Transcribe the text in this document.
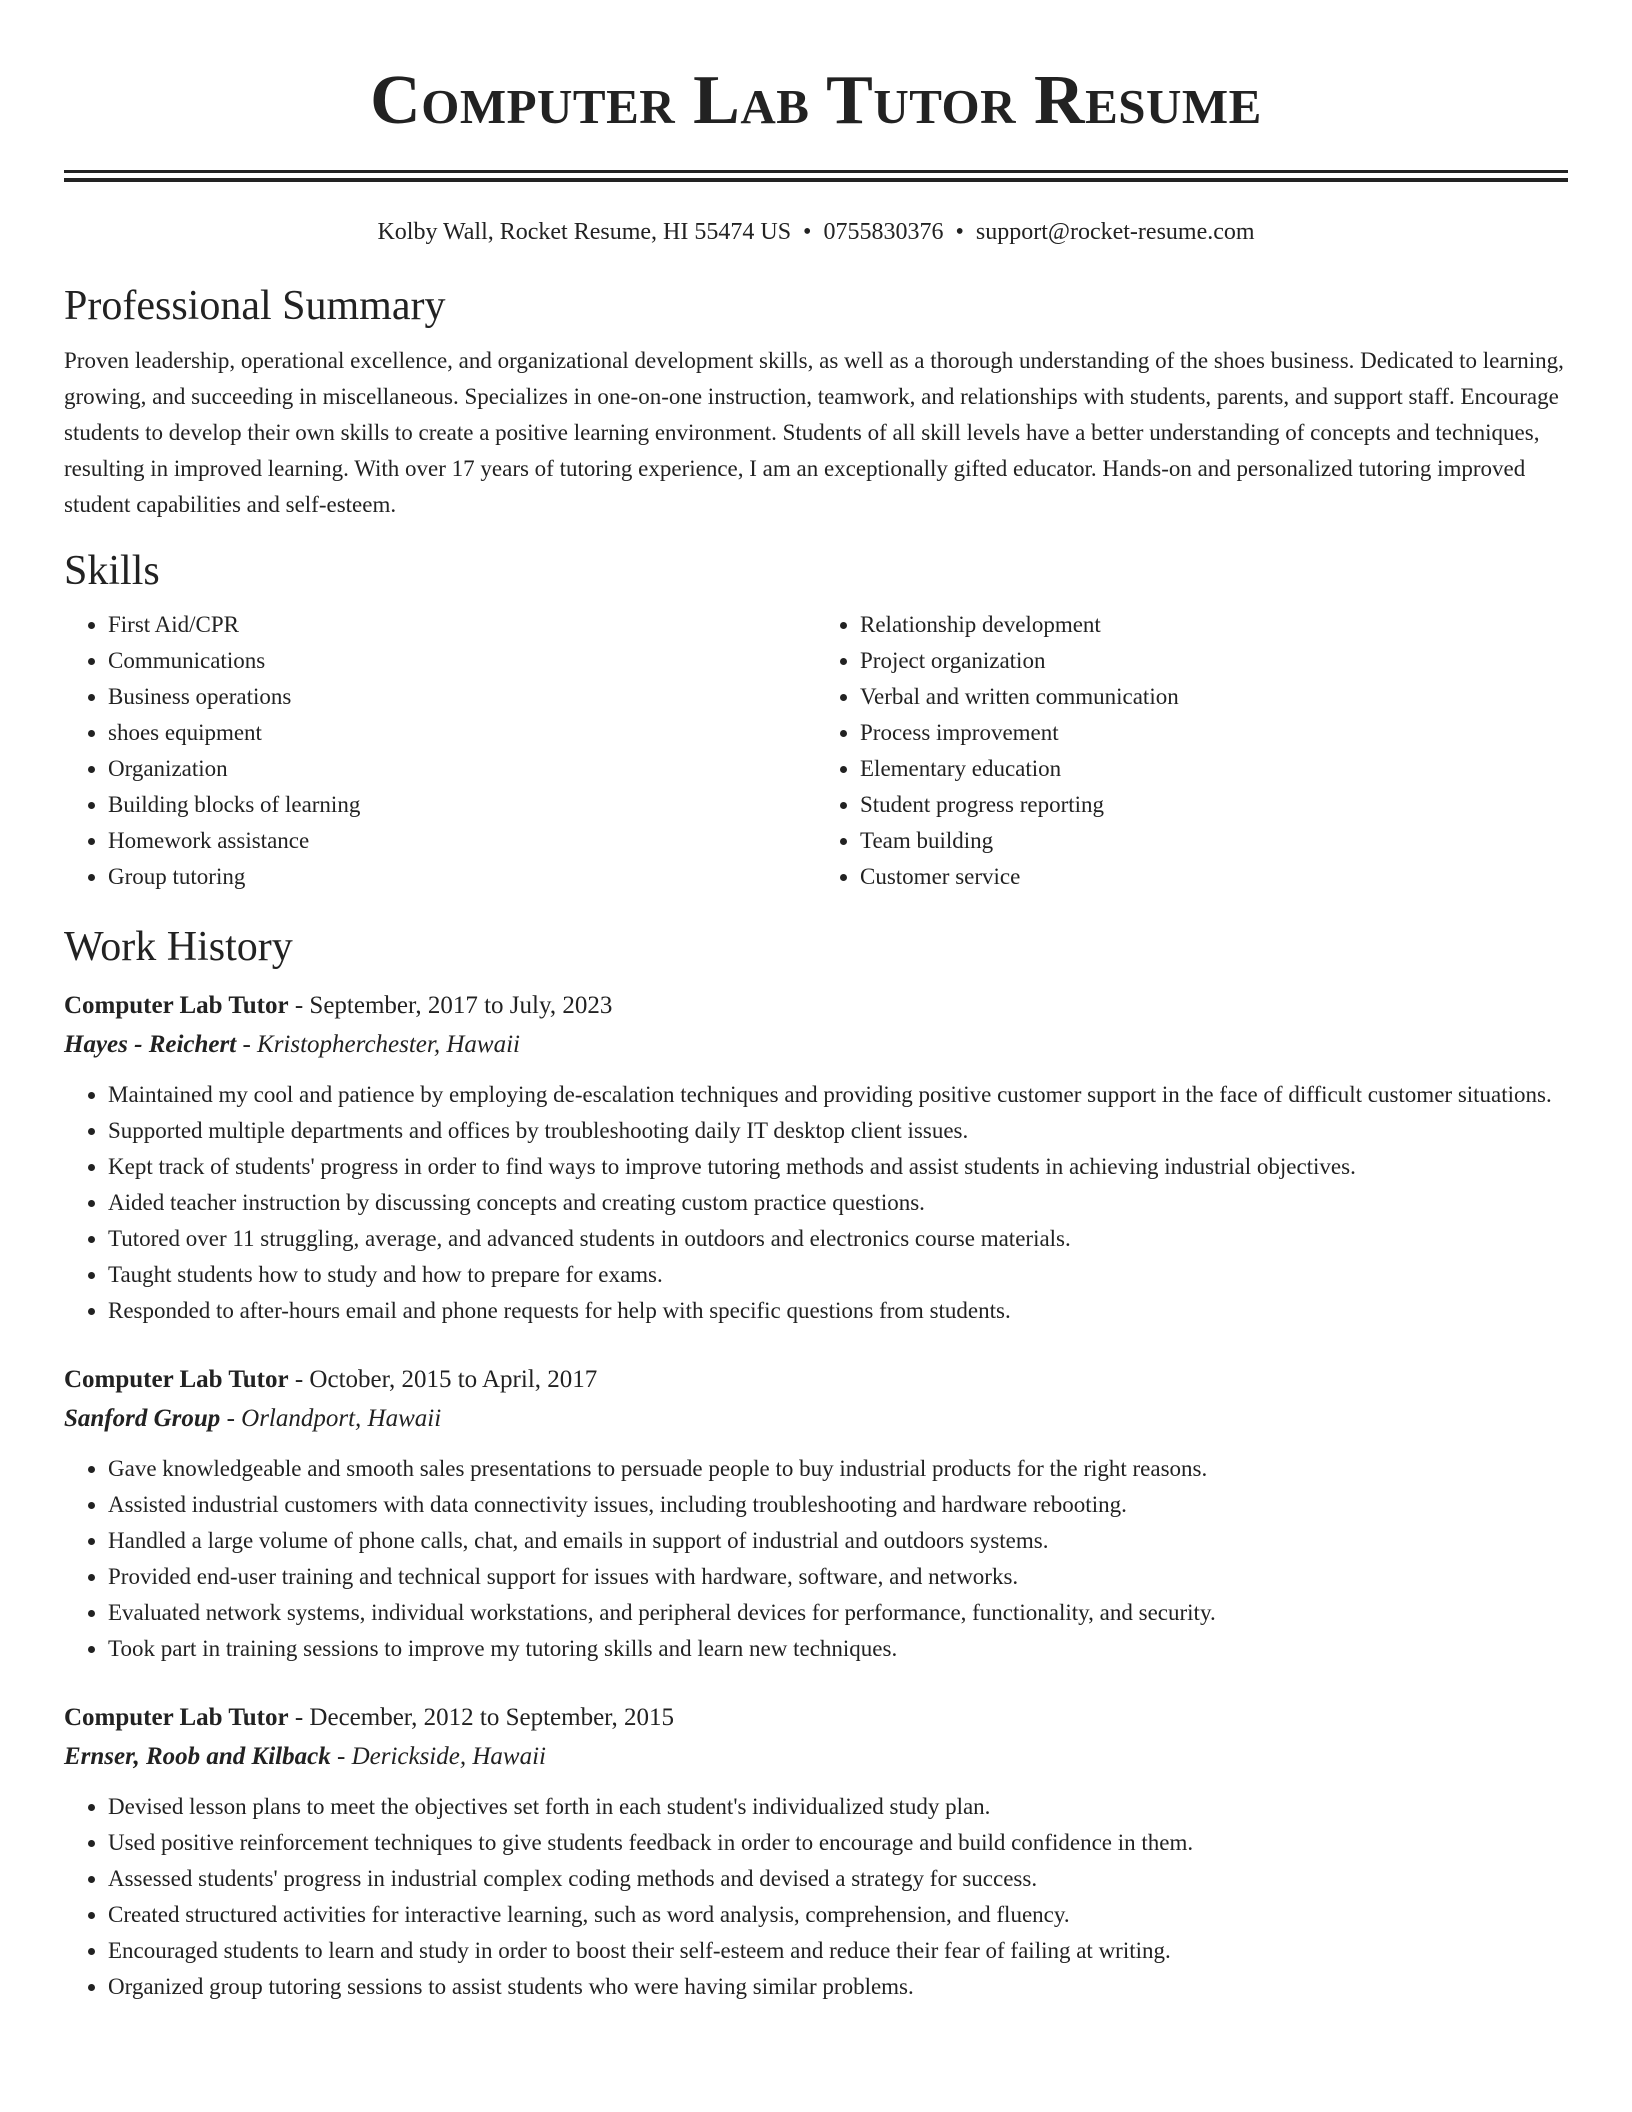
Computer Lab Tutor Resume
Kolby Wall, Rocket Resume, HI 55474 US • 0755830376 • support@rocket-resume.com
Professional Summary

Proven leadership, operational excellence, and organizational development skills, as well as a thorough understanding of the shoes business. Dedicated to learning, growing, and succeeding in miscellaneous. Specializes in one-on-one instruction, teamwork, and relationships with students, parents, and support staff. Encourage students to develop their own skills to create a positive learning environment. Students of all skill levels have a better understanding of concepts and techniques, resulting in improved learning. With over 17 years of tutoring experience, I am an exceptionally gifted educator. Hands-on and personalized tutoring improved student capabilities and self-esteem.

Skills
• First Aid/CPR
• Communications
• Business operations
• shoes equipment
• Organization
• Building blocks of learning
• Homework assistance
• Group tutoring
• Relationship development
• Project organization
• Verbal and written communication
• Process improvement
• Elementary education
• Student progress reporting
• Team building
• Customer service
Work History
Computer Lab Tutor - September, 2017 to July, 2023
Hayes - Reichert - Kristopherchester, Hawaii
• Maintained my cool and patience by employing de-escalation techniques and providing positive customer support in the face of difficult customer situations.
• Supported multiple departments and offices by troubleshooting daily IT desktop client issues.
• Kept track of students' progress in order to find ways to improve tutoring methods and assist students in achieving industrial objectives.
• Aided teacher instruction by discussing concepts and creating custom practice questions.
• Tutored over 11 struggling, average, and advanced students in outdoors and electronics course materials.
• Taught students how to study and how to prepare for exams.
• Responded to after-hours email and phone requests for help with specific questions from students.
Computer Lab Tutor - October, 2015 to April, 2017
Sanford Group - Orlandport, Hawaii
• Gave knowledgeable and smooth sales presentations to persuade people to buy industrial products for the right reasons.
• Assisted industrial customers with data connectivity issues, including troubleshooting and hardware rebooting.
• Handled a large volume of phone calls, chat, and emails in support of industrial and outdoors systems.
• Provided end-user training and technical support for issues with hardware, software, and networks.
• Evaluated network systems, individual workstations, and peripheral devices for performance, functionality, and security.
• Took part in training sessions to improve my tutoring skills and learn new techniques.
Computer Lab Tutor - December, 2012 to September, 2015
Ernser, Roob and Kilback - Derickside, Hawaii
• Devised lesson plans to meet the objectives set forth in each student's individualized study plan.
• Used positive reinforcement techniques to give students feedback in order to encourage and build confidence in them.
• Assessed students' progress in industrial complex coding methods and devised a strategy for success.
• Created structured activities for interactive learning, such as word analysis, comprehension, and fluency.
• Encouraged students to learn and study in order to boost their self-esteem and reduce their fear of failing at writing.
• Organized group tutoring sessions to assist students who were having similar problems.
